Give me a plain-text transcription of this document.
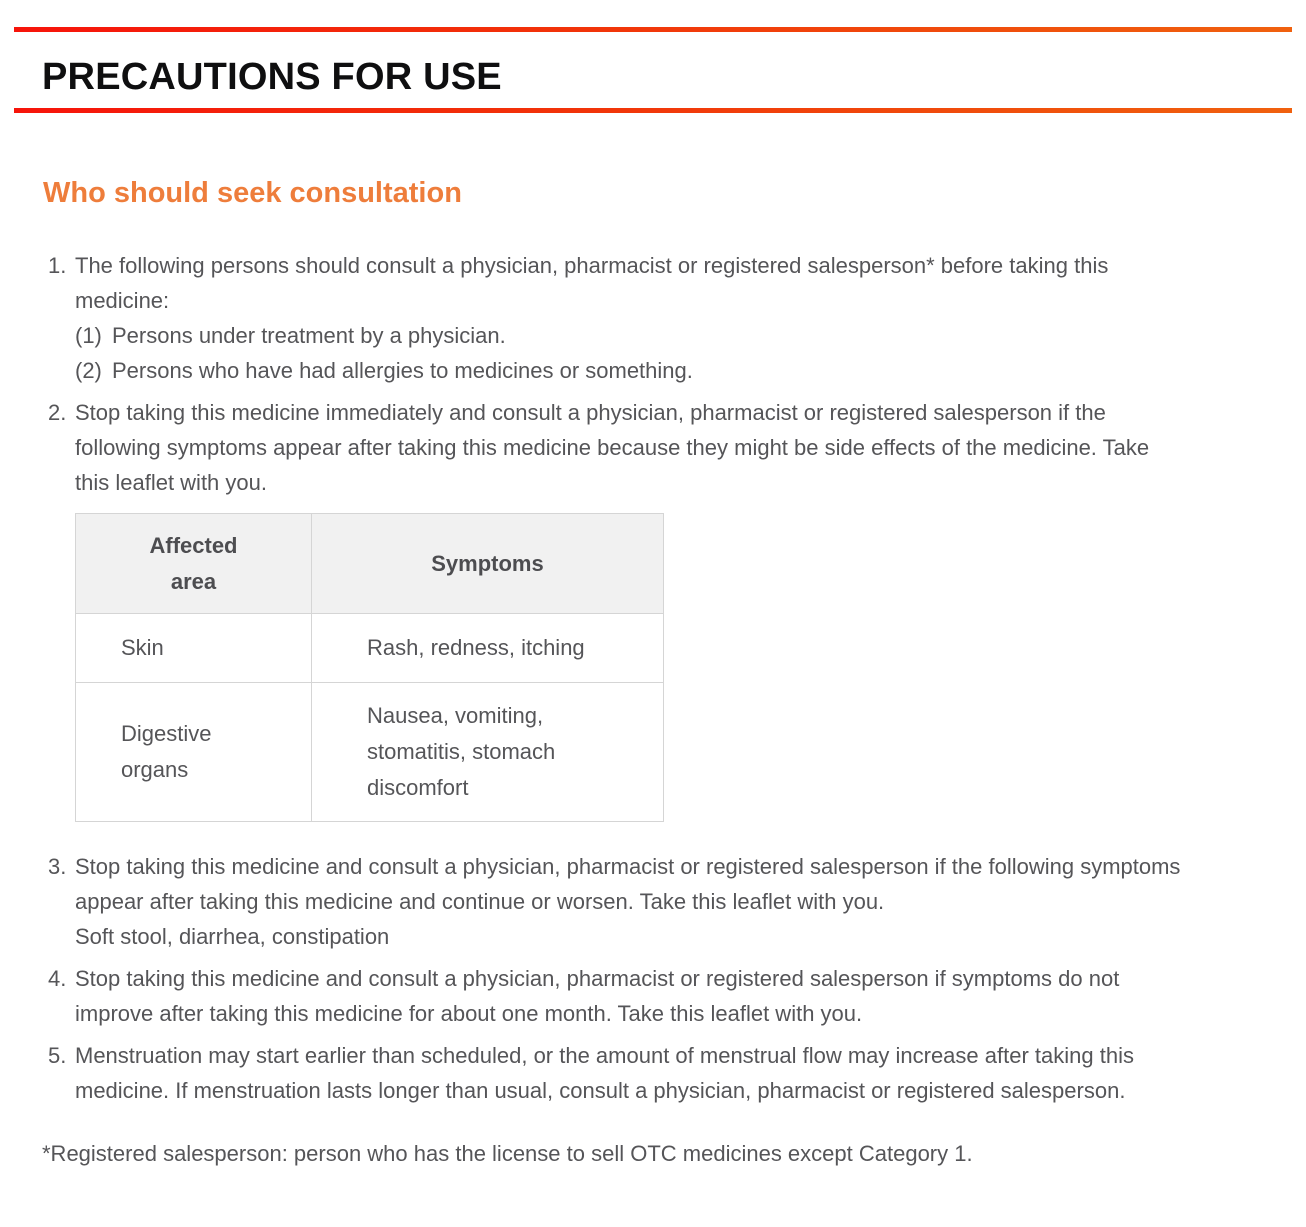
PRECAUTIONS FOR USE
Who should seek consultation
1. The following persons should consult a physician, pharmacist or registered salesperson* before taking this medicine:
(1) Persons under treatment by a physician.
(2) Persons who have had allergies to medicines or something.
2. Stop taking this medicine immediately and consult a physician, pharmacist or registered salesperson if the following symptoms appear after taking this medicine because they might be side effects of the medicine. Take this leaflet with you.
Affected area	Symptoms
Skin	Rash, redness, itching
Digestive organs	Nausea, vomiting, stomatitis, stomach discomfort
3. Stop taking this medicine and consult a physician, pharmacist or registered salesperson if the following symptoms appear after taking this medicine and continue or worsen. Take this leaflet with you.
Soft stool, diarrhea, constipation
4. Stop taking this medicine and consult a physician, pharmacist or registered salesperson if symptoms do not improve after taking this medicine for about one month. Take this leaflet with you.
5. Menstruation may start earlier than scheduled, or the amount of menstrual flow may increase after taking this medicine. If menstruation lasts longer than usual, consult a physician, pharmacist or registered salesperson.
*Registered salesperson: person who has the license to sell OTC medicines except Category 1.
